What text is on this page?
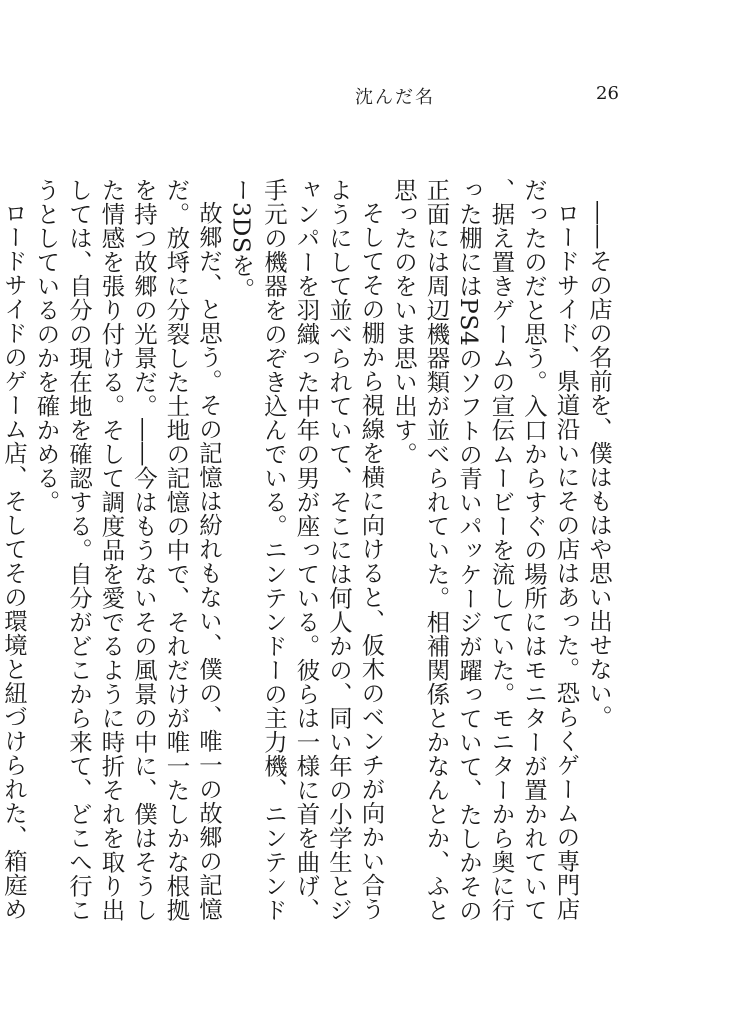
沈んだ名	26

――その店の名前を、僕はもはや思い出せない。

ロードサイド、県道沿いにその店はあった。恐らくゲームの専門店だったのだと思う。入口からすぐの場所にはモニターが置かれていて、据え置きゲームの宣伝ムービーを流していた。モニターから奥に行った棚にはPS4のソフトの青いパッケージが躍っていて、たしかその正面には周辺機器類が並べられていた。相補関係とかなんとか、ふと思ったのをいま思い出す。

そしてその棚から視線を横に向けると、仮木のベンチが向かい合うようにして並べられていて、そこには何人かの、同い年の小学生とジャンパーを羽織った中年の男が座っている。彼らは一様に首を曲げ、手元の機器をのぞき込んでいる。ニンテンドーの主力機、ニンテンドー3DSを。

故郷だ、と思う。その記憶は紛れもない、僕の、唯一の故郷の記憶だ。放埓に分裂した土地の記憶の中で、それだけが唯一たしかな根拠を持つ故郷の光景だ。――今はもうないその風景の中に、僕はそうした情感を張り付ける。そして調度品を愛でるように時折それを取り出しては、自分の現在地を確認する。自分がどこから来て、どこへ行こうとしているのかを確かめる。

ロードサイドのゲーム店、そしてその環境と紐づけられた、箱庭め
